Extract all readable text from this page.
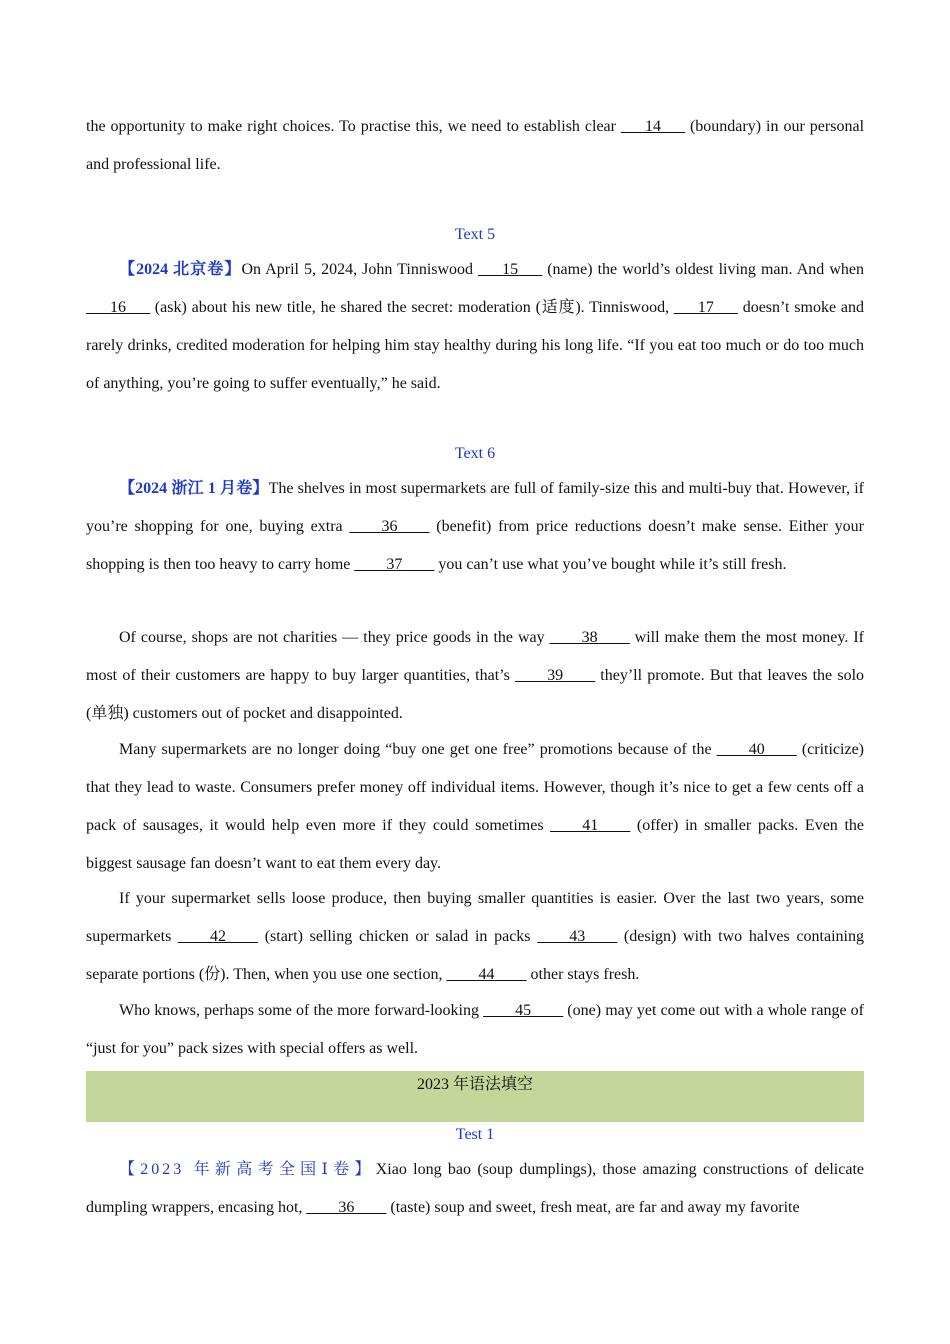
the opportunity to make right choices. To practise this, we need to establish clear ___14___ (boundary) in our personal and professional life.

Text 5

【2024 北京卷】On April 5, 2024, John Tinniswood ___15___ (name) the world’s oldest living man. And when ___16___ (ask) about his new title, he shared the secret: moderation (适度). Tinniswood, ___17___ doesn’t smoke and rarely drinks, credited moderation for helping him stay healthy during his long life. “If you eat too much or do too much of anything, you’re going to suffer eventually,” he said.

Text 6

【2024 浙江 1 月卷】The shelves in most supermarkets are full of family-size this and multi-buy that. However, if you’re shopping for one, buying extra ____36____ (benefit) from price reductions doesn’t make sense. Either your shopping is then too heavy to carry home ____37____ you can’t use what you’ve bought while it’s still fresh.

Of course, shops are not charities — they price goods in the way ____38____ will make them the most money. If most of their customers are happy to buy larger quantities, that’s ____39____ they’ll promote. But that leaves the solo (单独) customers out of pocket and disappointed.

Many supermarkets are no longer doing “buy one get one free” promotions because of the ____40____ (criticize) that they lead to waste. Consumers prefer money off individual items. However, though it’s nice to get a few cents off a pack of sausages, it would help even more if they could sometimes ____41____ (offer) in smaller packs. Even the biggest sausage fan doesn’t want to eat them every day.

If your supermarket sells loose produce, then buying smaller quantities is easier. Over the last two years, some supermarkets ____42____ (start) selling chicken or salad in packs ____43____ (design) with two halves containing separate portions (份). Then, when you use one section, ____44____ other stays fresh.

Who knows, perhaps some of the more forward-looking ____45____ (one) may yet come out with a whole range of “just for you” pack sizes with special offers as well.

2023 年语法填空
Test 1

【2023 年新高考全国Ⅰ卷】Xiao long bao (soup dumplings), those amazing constructions of delicate dumpling wrappers, encasing hot, ____36____ (taste) soup and sweet, fresh meat, are far and away my favorite
